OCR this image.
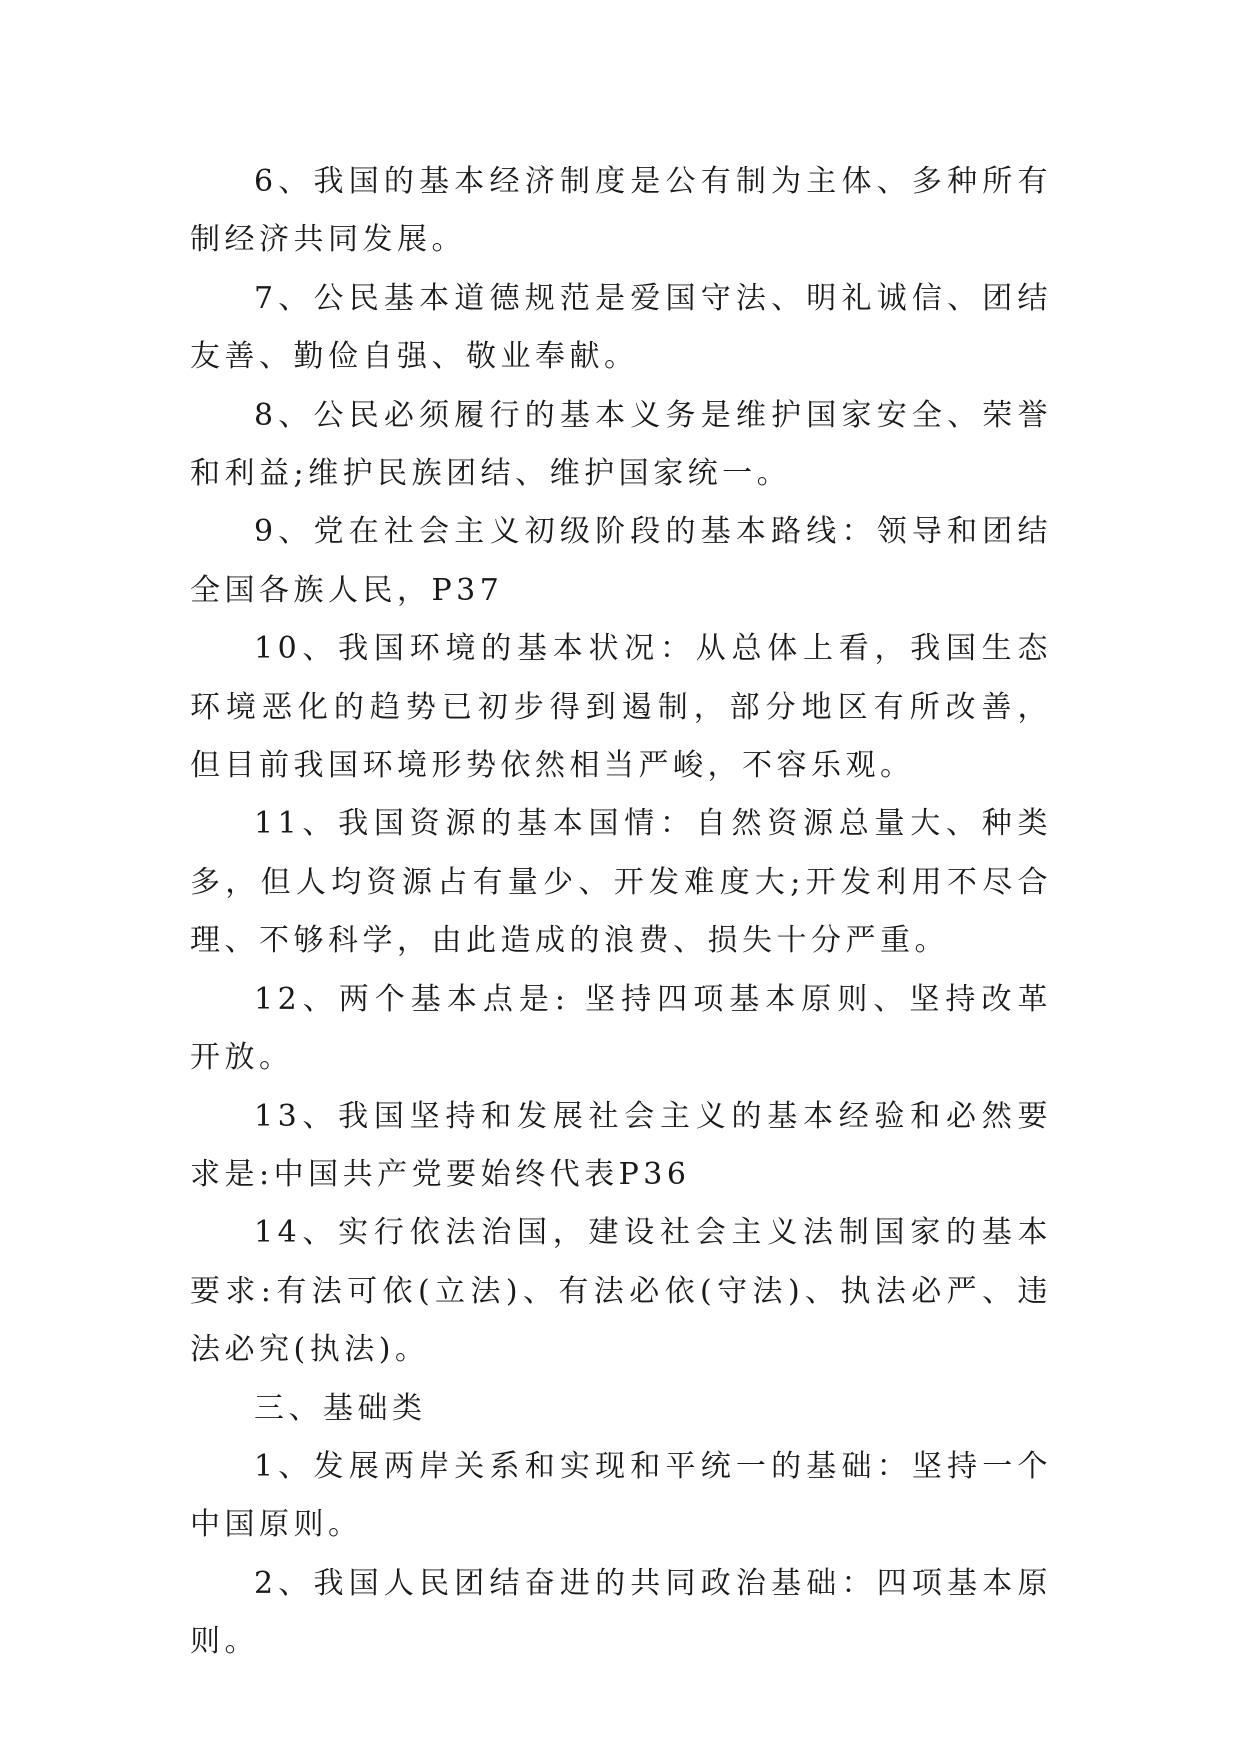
6、我国的基本经济制度是公有制为主体、多种所有制经济共同发展。

7、公民基本道德规范是爱国守法、明礼诚信、团结友善、勤俭自强、敬业奉献。

8、公民必须履行的基本义务是维护国家安全、荣誉和利益;维护民族团结、维护国家统一。

9、党在社会主义初级阶段的基本路线：领导和团结全国各族人民，P37

10、我国环境的基本状况：从总体上看，我国生态环境恶化的趋势已初步得到遏制，部分地区有所改善，但目前我国环境形势依然相当严峻，不容乐观。

11、我国资源的基本国情：自然资源总量大、种类多，但人均资源占有量少、开发难度大;开发利用不尽合理、不够科学，由此造成的浪费、损失十分严重。

12、两个基本点是: 坚持四项基本原则、坚持改革开放。

13、我国坚持和发展社会主义的基本经验和必然要求是:中国共产党要始终代表P36

14、实行依法治国，建设社会主义法制国家的基本要求:有法可依(立法)、有法必依(守法)、执法必严、违法必究(执法)。

三、基础类

1、发展两岸关系和实现和平统一的基础：坚持一个中国原则。

2、我国人民团结奋进的共同政治基础：四项基本原则。
